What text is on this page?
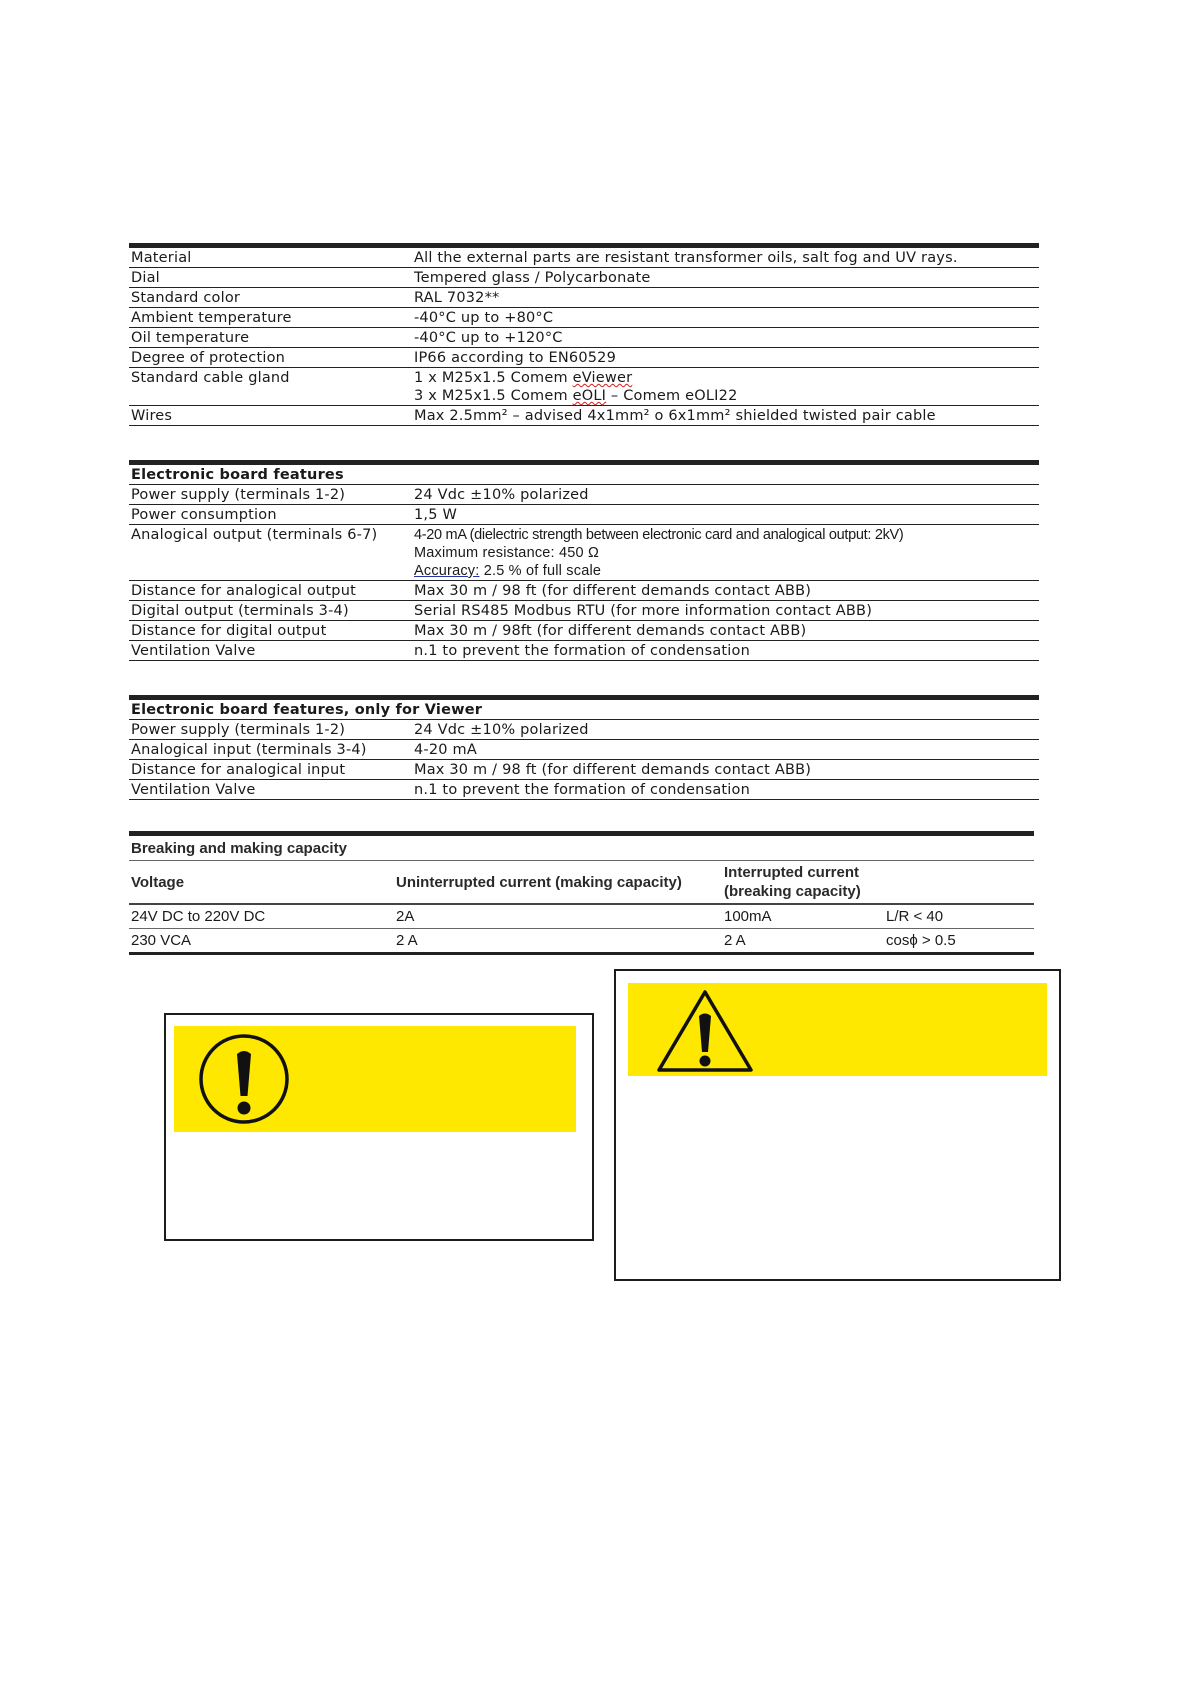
Material	All the external parts are resistant transformer oils, salt fog and UV rays.
Dial	Tempered glass / Polycarbonate
Standard color	RAL 7032**
Ambient temperature	-40°C up to +80°C
Oil temperature	-40°C up to +120°C
Degree of protection	IP66 according to EN60529
Standard cable gland	1 x M25x1.5 Comem eViewer
3 x M25x1.5 Comem eOLI – Comem eOLI22

Wires	Max 2.5mm² – advised 4x1mm² o 6x1mm² shielded twisted pair cable
Electronic board features	
Power supply (terminals 1-2)	24 Vdc ±10% polarized
Power consumption	1,5 W
Analogical output (terminals 6-7)	4-20 mA (dielectric strength between electronic card and analogical output: 2kV)
Maximum resistance: 450 Ω
Accuracy: 2.5 % of full scale

Distance for analogical output	Max 30 m / 98 ft (for different demands contact ABB)
Digital output (terminals 3-4)	Serial RS485 Modbus RTU (for more information contact ABB)
Distance for digital output	Max 30 m / 98ft (for different demands contact ABB)
Ventilation Valve	n.1 to prevent the formation of condensation
Electronic board features, only for Viewer	
Power supply (terminals 1-2)	24 Vdc ±10% polarized
Analogical input (terminals 3-4)	4-20 mA
Distance for analogical input	Max 30 m / 98 ft (for different demands contact ABB)
Ventilation Valve	n.1 to prevent the formation of condensation
Breaking and making capacity			
Voltage	Uninterrupted current (making capacity)	Interrupted current (breaking capacity)	
24V DC to 220V DC	2A	100mA	L/R < 40
230 VCA	2 A	2 A	cosϕ > 0.5
